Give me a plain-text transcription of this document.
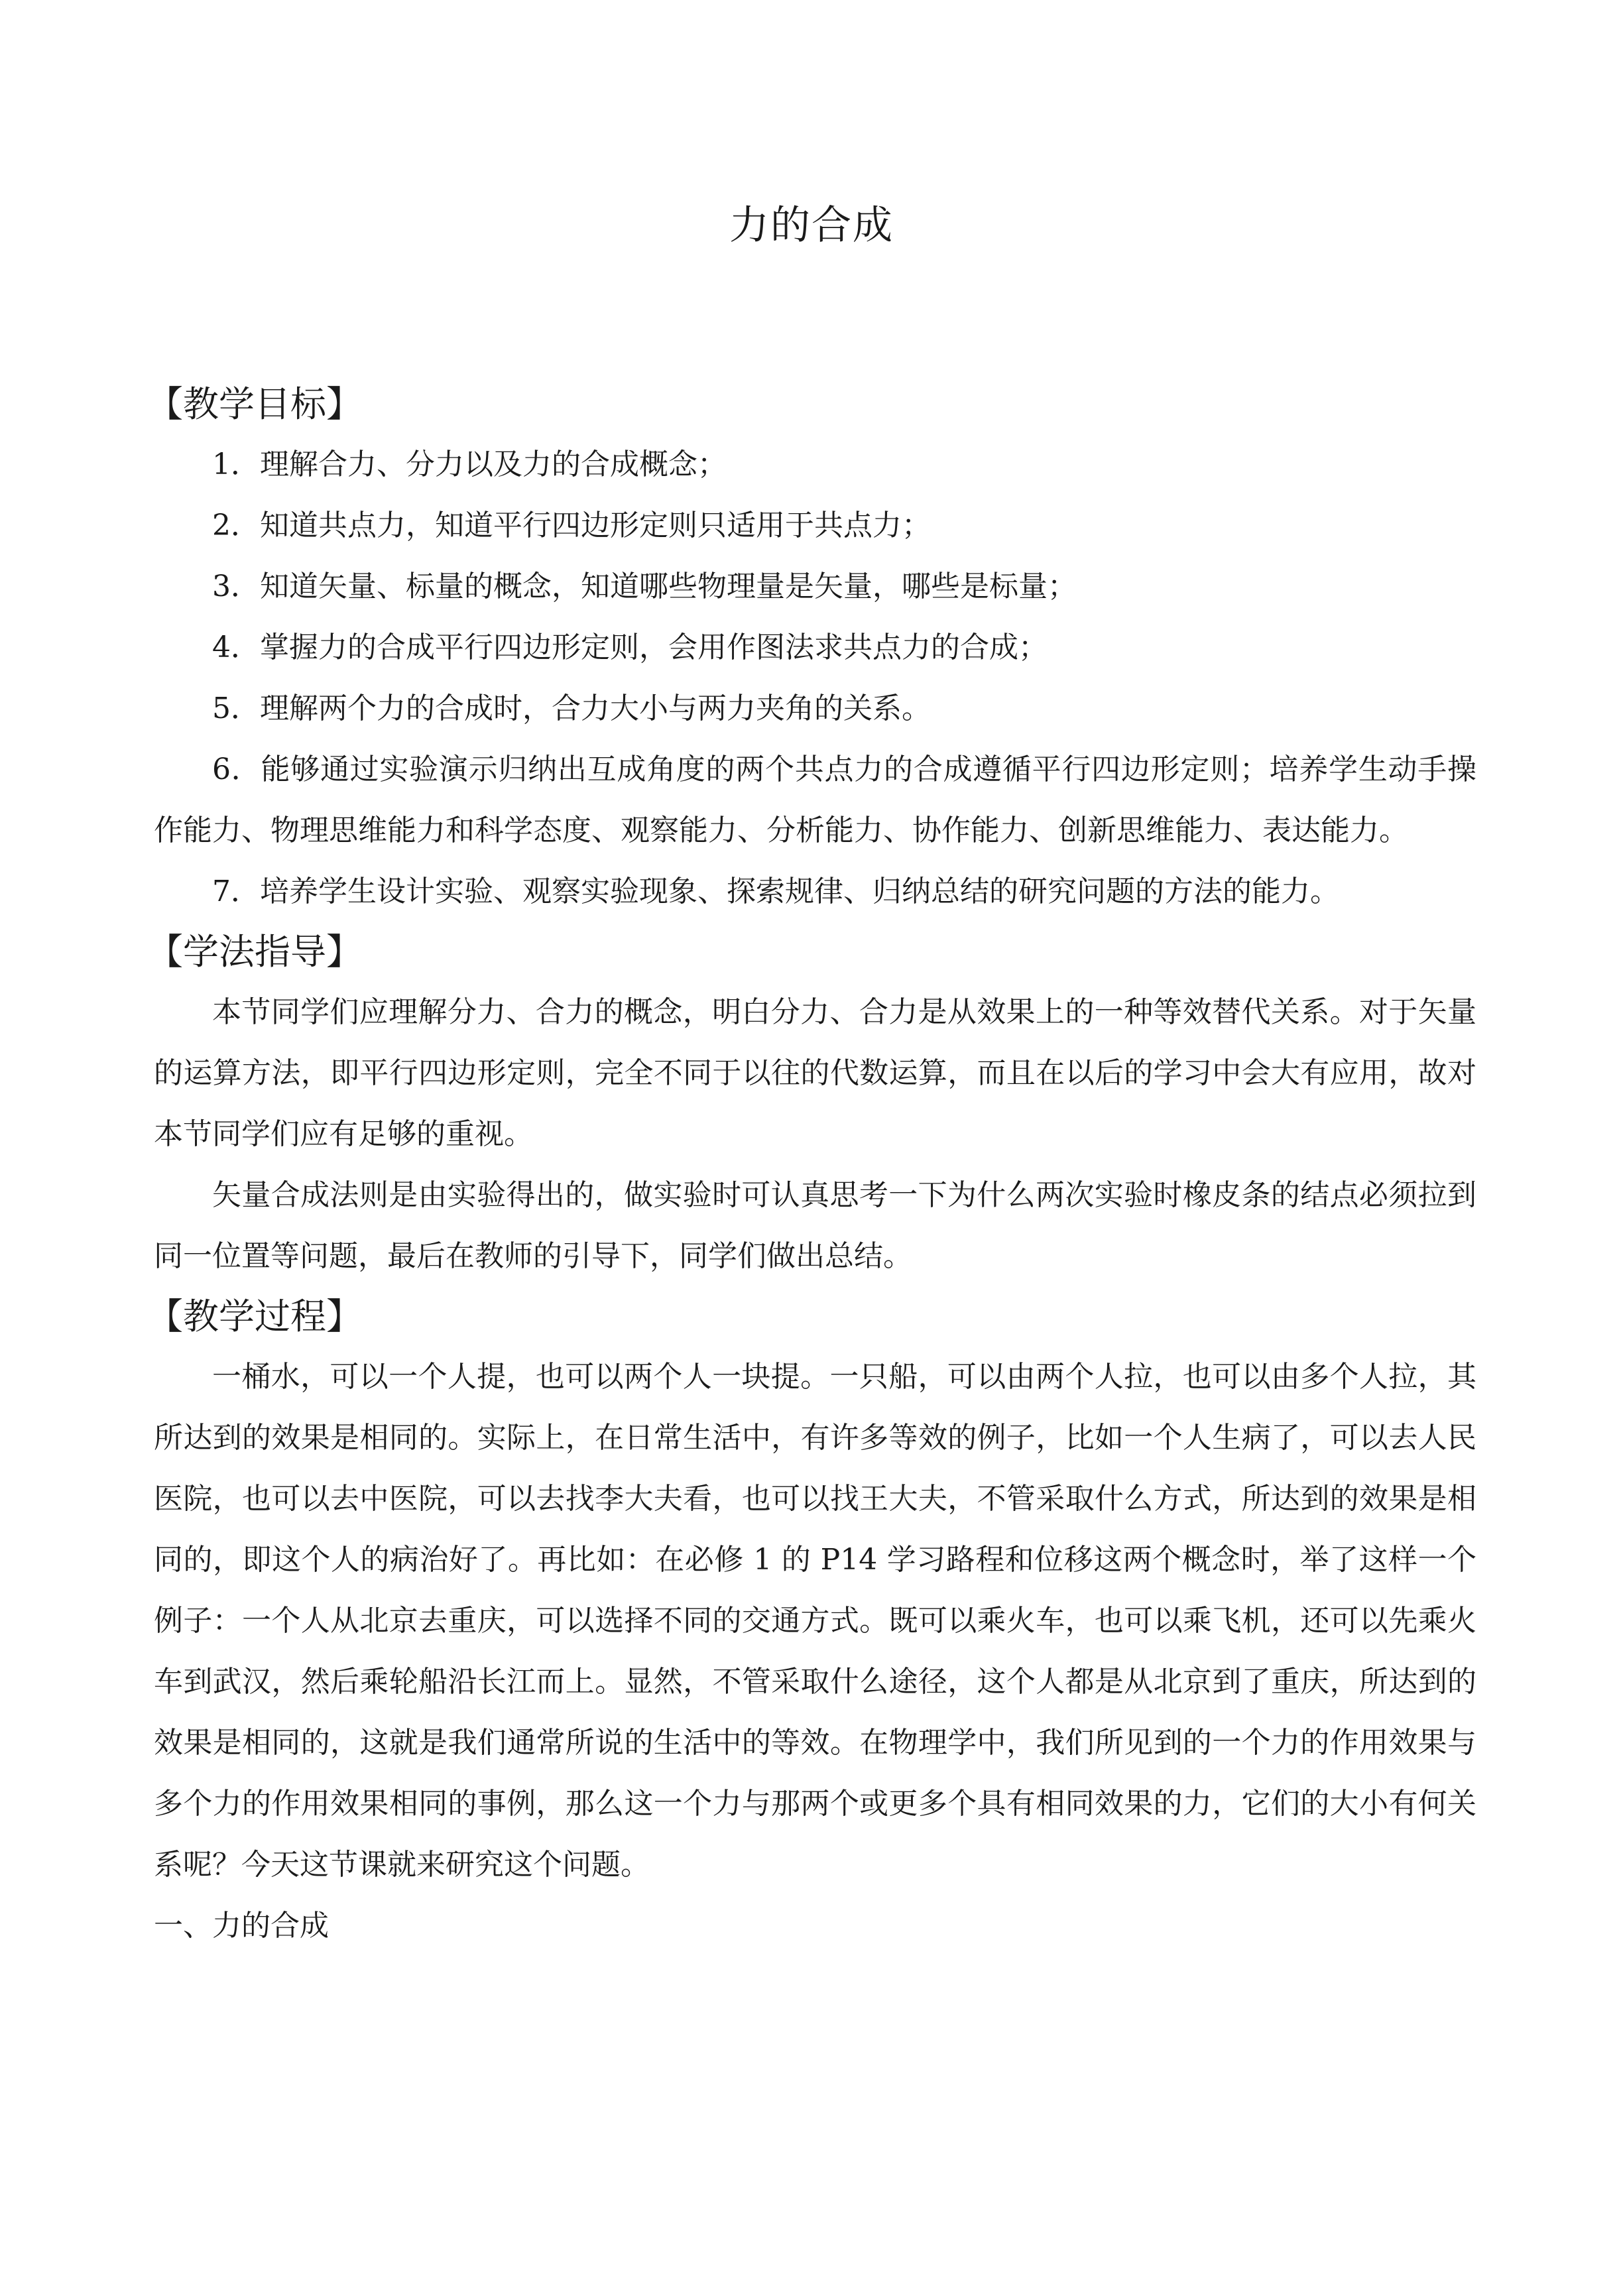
力的合成
【教学目标】

1．理解合力、分力以及力的合成概念；

2．知道共点力，知道平行四边形定则只适用于共点力；

3．知道矢量、标量的概念，知道哪些物理量是矢量，哪些是标量；

4．掌握力的合成平行四边形定则，会用作图法求共点力的合成；

5．理解两个力的合成时，合力大小与两力夹角的关系。

6．能够通过实验演示归纳出互成角度的两个共点力的合成遵循平行四边形定则；培养学生动手操作能力、物理思维能力和科学态度、观察能力、分析能力、协作能力、创新思维能力、表达能力。

7．培养学生设计实验、观察实验现象、探索规律、归纳总结的研究问题的方法的能力。

【学法指导】

本节同学们应理解分力、合力的概念，明白分力、合力是从效果上的一种等效替代关系。对于矢量的运算方法，即平行四边形定则，完全不同于以往的代数运算，而且在以后的学习中会大有应用，故对本节同学们应有足够的重视。

矢量合成法则是由实验得出的，做实验时可认真思考一下为什么两次实验时橡皮条的结点必须拉到同一位置等问题，最后在教师的引导下，同学们做出总结。

【教学过程】

一桶水，可以一个人提，也可以两个人一块提。一只船，可以由两个人拉，也可以由多个人拉，其所达到的效果是相同的。实际上，在日常生活中，有许多等效的例子，比如一个人生病了，可以去人民医院，也可以去中医院，可以去找李大夫看，也可以找王大夫，不管采取什么方式，所达到的效果是相同的，即这个人的病治好了。再比如：在必修 1 的 P14 学习路程和位移这两个概念时，举了这样一个例子：一个人从北京去重庆，可以选择不同的交通方式。既可以乘火车，也可以乘飞机，还可以先乘火车到武汉，然后乘轮船沿长江而上。显然，不管采取什么途径，这个人都是从北京到了重庆，所达到的效果是相同的，这就是我们通常所说的生活中的等效。在物理学中，我们所见到的一个力的作用效果与多个力的作用效果相同的事例，那么这一个力与那两个或更多个具有相同效果的力，它们的大小有何关系呢？今天这节课就来研究这个问题。

一、力的合成
